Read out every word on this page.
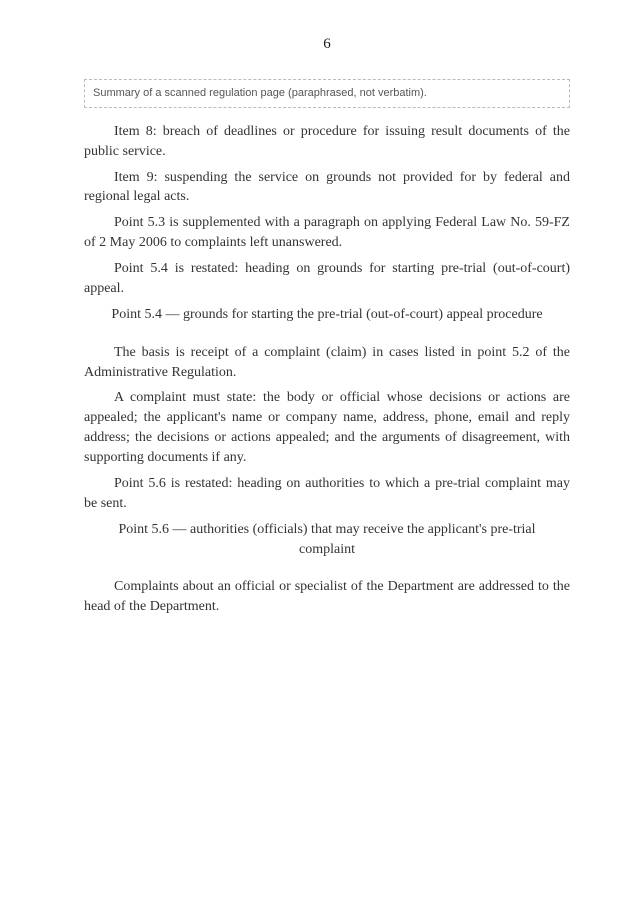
6
Summary of a scanned regulation page (paraphrased, not verbatim).

Item 8: breach of deadlines or procedure for issuing result documents of the public service.

Item 9: suspending the service on grounds not provided for by federal and regional legal acts.

Point 5.3 is supplemented with a paragraph on applying Federal Law No. 59-FZ of 2 May 2006 to complaints left unanswered.

Point 5.4 is restated: heading on grounds for starting pre-trial (out-of-court) appeal.

Point 5.4 — grounds for starting the pre-trial (out-of-court) appeal procedure

The basis is receipt of a complaint (claim) in cases listed in point 5.2 of the Administrative Regulation.

A complaint must state: the body or official whose decisions or actions are appealed; the applicant's name or company name, address, phone, email and reply address; the decisions or actions appealed; and the arguments of disagreement, with supporting documents if any.

Point 5.6 is restated: heading on authorities to which a pre-trial complaint may be sent.

Point 5.6 — authorities (officials) that may receive the applicant's pre-trial complaint

Complaints about an official or specialist of the Department are addressed to the head of the Department.
